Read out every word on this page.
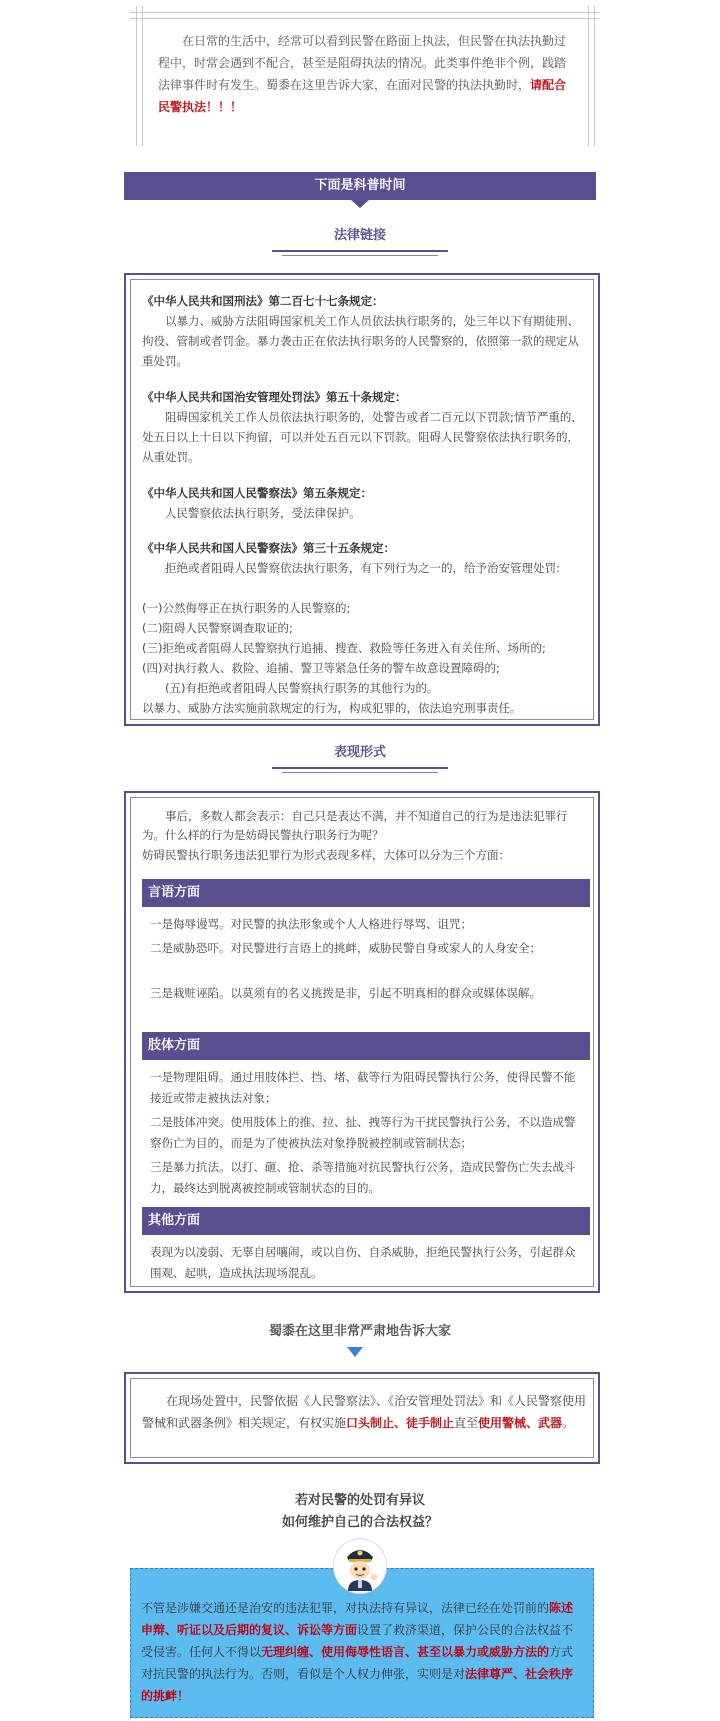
在日常的生活中，经常可以看到民警在路面上执法，但民警在执法执勤过程中，时常会遇到不配合，甚至是阻碍执法的情况。此类事件绝非个例，践踏法律事件时有发生。蜀黍在这里告诉大家，在面对民警的执法执勤时，请配合民警执法！！！
下面是科普时间
法律链接

《中华人民共和国刑法》第二百七十七条规定：

以暴力、威胁方法阻碍国家机关工作人员依法执行职务的，处三年以下有期徒刑、拘役、管制或者罚金。暴力袭击正在依法执行职务的人民警察的，依照第一款的规定从重处罚。

《中华人民共和国治安管理处罚法》第五十条规定：

阻碍国家机关工作人员依法执行职务的，处警告或者二百元以下罚款;情节严重的，处五日以上十日以下拘留，可以并处五百元以下罚款。阻碍人民警察依法执行职务的，从重处罚。

《中华人民共和国人民警察法》第五条规定：

人民警察依法执行职务，受法律保护。

《中华人民共和国人民警察法》第三十五条规定：

拒绝或者阻碍人民警察依法执行职务，有下列行为之一的，给予治安管理处罚:

(一)公然侮辱正在执行职务的人民警察的;

(二)阻碍人民警察调查取证的;

(三)拒绝或者阻碍人民警察执行追捕、搜查、救险等任务进入有关住所、场所的;

(四)对执行救人、救险、追捕、警卫等紧急任务的警车故意设置障碍的;

(五)有拒绝或者阻碍人民警察执行职务的其他行为的。

以暴力、威胁方法实施前款规定的行为，构成犯罪的，依法追究刑事责任。

表现形式

事后，多数人都会表示：自己只是表达不满，并不知道自己的行为是违法犯罪行为。什么样的行为是妨碍民警执行职务行为呢？

妨碍民警执行职务违法犯罪行为形式表现多样，大体可以分为三个方面：

言语方面

一是侮辱谩骂。对民警的执法形象或个人人格进行辱骂、诅咒；

二是威胁恐吓。对民警进行言语上的挑衅，威胁民警自身或家人的人身安全；

三是栽赃诬陷。以莫须有的名义挑拨是非，引起不明真相的群众或媒体误解。

肢体方面

一是物理阻碍。通过用肢体拦、挡、堵、截等行为阻碍民警执行公务，使得民警不能接近或带走被执法对象；

二是肢体冲突。使用肢体上的推、拉、扯、拽等行为干扰民警执行公务，不以造成警察伤亡为目的，而是为了使被执法对象挣脱被控制或管制状态；

三是暴力抗法。以打、砸、抢、杀等措施对抗民警执行公务，造成民警伤亡失去战斗力，最终达到脱离被控制或管制状态的目的。

其他方面

表现为以凌弱、无辜自居嚷闹，或以自伤、自杀威胁，拒绝民警执行公务，引起群众围观、起哄，造成执法现场混乱。

蜀黍在这里非常严肃地告诉大家

在现场处置中，民警依据《人民警察法》、《治安管理处罚法》和《人民警察使用警械和武器条例》相关规定，有权实施口头制止、徒手制止直至使用警械、武器。

若对民警的处罚有异议
如何维护自己的合法权益？

不管是涉嫌交通还是治安的违法犯罪，对执法持有异议，法律已经在处罚前的陈述申辩、听证以及后期的复议、诉讼等方面设置了救济渠道，保护公民的合法权益不受侵害。任何人不得以无理纠缠、使用侮辱性语言、甚至以暴力或威胁方法的方式对抗民警的执法行为。否则，看似是个人权力伸张，实则是对法律尊严、社会秩序的挑衅！
